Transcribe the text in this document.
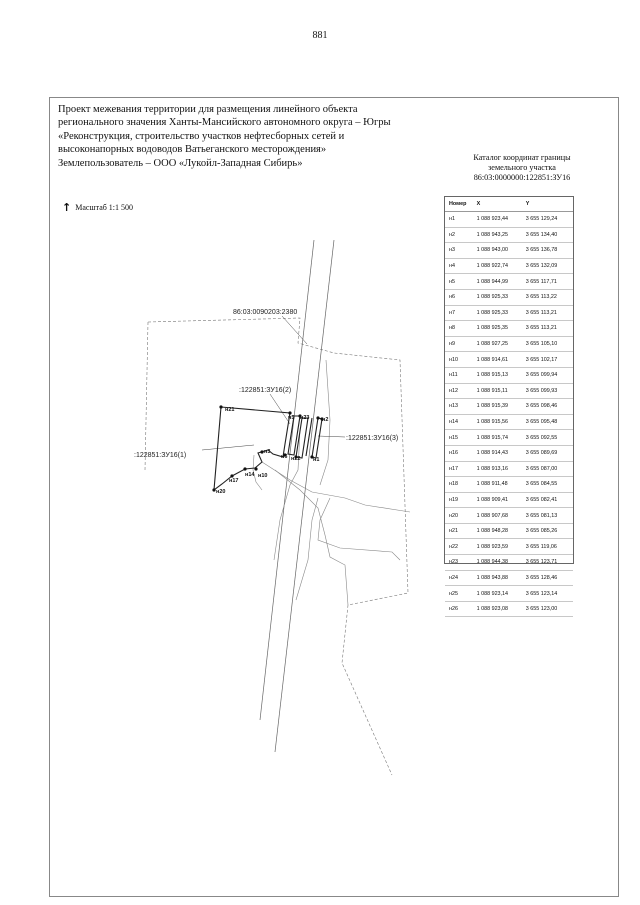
881
Проект межевания территории для размещения линейного объекта
регионального значения Ханты-Мансийского автономного округа – Югры
«Реконструкция, строительство участков нефтесборных сетей и
высоконапорных водоводов Ватьеганского месторождения»
Землепользователь – ООО «Лукойл-Западная Сибирь»
↑ Масштаб 1:1 500
Каталог координат границы
земельного участка
86:03:0000000:122851:ЗУ16
Номер	X	Y
н1	1 088 923,44	3 655 129,24
н2	1 088 943,25	3 655 134,40
н3	1 088 943,00	3 655 136,78
н4	1 088 922,74	3 655 132,09
н5	1 088 944,99	3 655 117,71
н6	1 088 925,33	3 655 113,22
н7	1 088 925,33	3 655 113,21
н8	1 088 925,35	3 655 113,21
н9	1 088 927,25	3 655 105,10
н10	1 088 914,61	3 655 102,17
н11	1 088 915,13	3 655 099,94
н12	1 088 915,11	3 655 099,93
н13	1 088 915,39	3 655 098,46
н14	1 088 915,56	3 655 095,48
н15	1 088 915,74	3 655 092,55
н16	1 088 914,43	3 655 089,69
н17	1 088 913,16	3 655 087,00
н18	1 088 911,48	3 655 084,55
н19	1 088 909,41	3 655 082,41
н20	1 088 907,68	3 655 081,13
н21	1 088 948,28	3 655 085,26
н22	1 088 923,59	3 655 119,06
н23	1 088 944,38	3 655 123,71
н24	1 088 943,88	3 655 128,46
н25	1 088 923,14	3 655 123,14
н26	1 088 923,08	3 655 123,00
86:03:0090203:2380
:122851:ЗУ16(2)
:122851:ЗУ16(1)
:122851:ЗУ16(3)
н21
н5 н23 н2
н3
н6 н22 н1
н14
н17
н10
н20
